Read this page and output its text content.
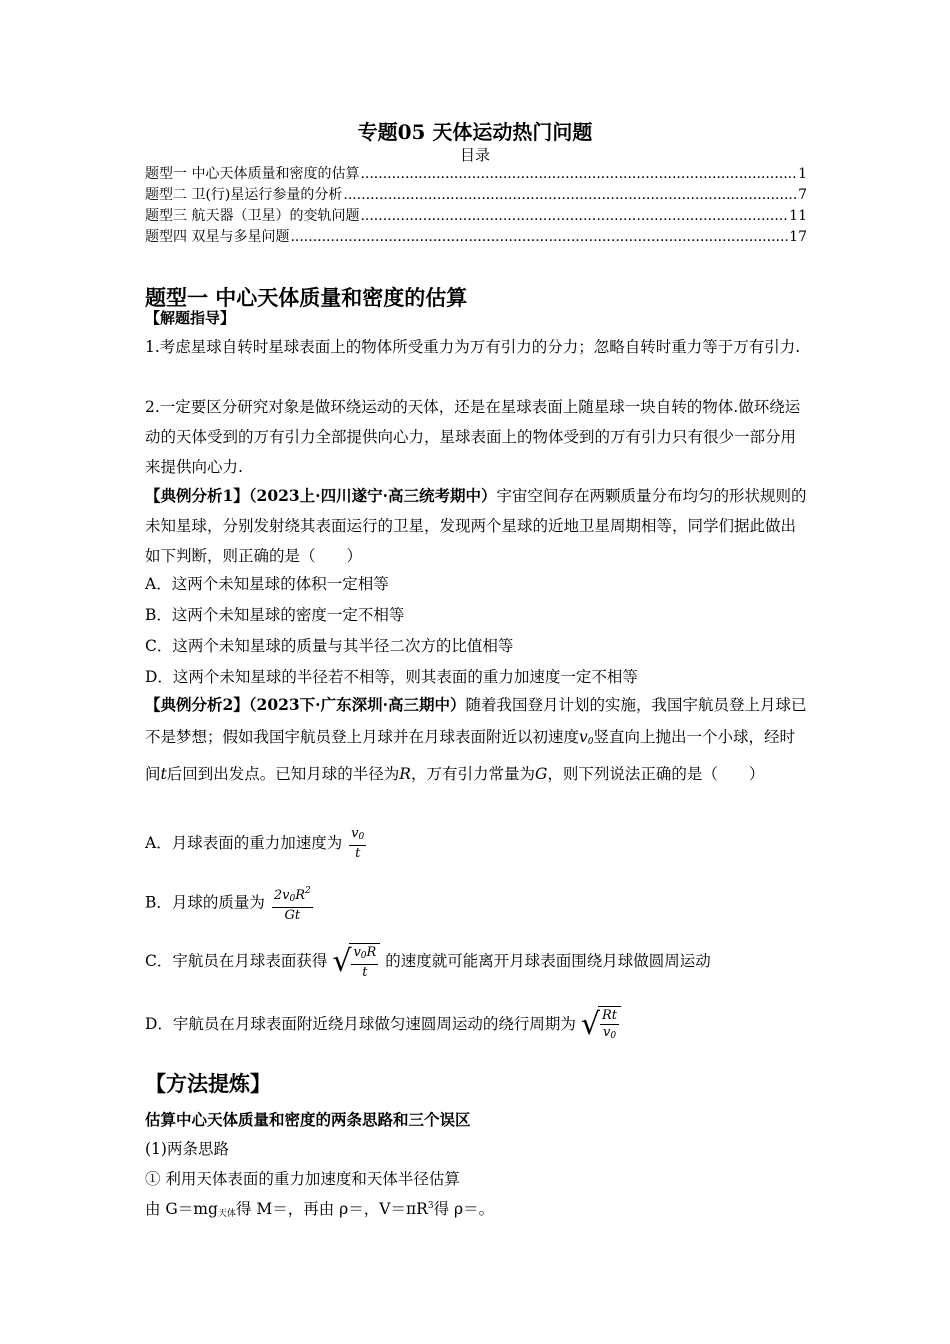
专题05 天体运动热门问题
目录
题型一 中心天体质量和密度的估算 .....	1
题型二 卫(行)星运行参量的分析 .....	7
题型三 航天器（卫星）的变轨问题 .....	11
题型四 双星与多星问题 .....	17
题型一 中心天体质量和密度的估算
【解题指导】
1.考虑星球自转时星球表面上的物体所受重力为万有引力的分力；忽略自转时重力等于万有引力.
2.一定要区分研究对象是做环绕运动的天体，还是在星球表面上随星球一块自转的物体.做环绕运动的天体受到的万有引力全部提供向心力，星球表面上的物体受到的万有引力只有很少一部分用来提供向心力.
【典例分析1】（2023上·四川遂宁·高三统考期中）宇宙空间存在两颗质量分布均匀的形状规则的未知星球，分别发射绕其表面运行的卫星，发现两个星球的近地卫星周期相等，同学们据此做出如下判断，则正确的是（　　）
A．这两个未知星球的体积一定相等
B．这两个未知星球的密度一定不相等
C．这两个未知星球的质量与其半径二次方的比值相等
D．这两个未知星球的半径若不相等，则其表面的重力加速度一定不相等
【典例分析2】（2023下·广东深圳·高三期中）随着我国登月计划的实施，我国宇航员登上月球已不是梦想；假如我国宇航员登上月球并在月球表面附近以初速度$v_0$竖直向上抛出一个小球，经时间t后回到出发点。已知月球的半径为R，万有引力常量为G，则下列说法正确的是（　　）
A．月球表面的重力加速度为 $\frac{v_0}{t}$
B．月球的质量为 $\frac{2v_0R^2}{Gt}$
C．宇航员在月球表面获得 √ $\frac{v_0R}{t}$ 的速度就可能离开月球表面围绕月球做圆周运动
D．宇航员在月球表面附近绕月球做匀速圆周运动的绕行周期为 √ $\frac{Rt}{v_0}$
【方法提炼】
估算中心天体质量和密度的两条思路和三个误区
(1)两条思路
① 利用天体表面的重力加速度和天体半径估算
由 $G=mg_{天体}$得 M＝，再由 ρ＝，$V=\pi R^3$得 ρ＝。
